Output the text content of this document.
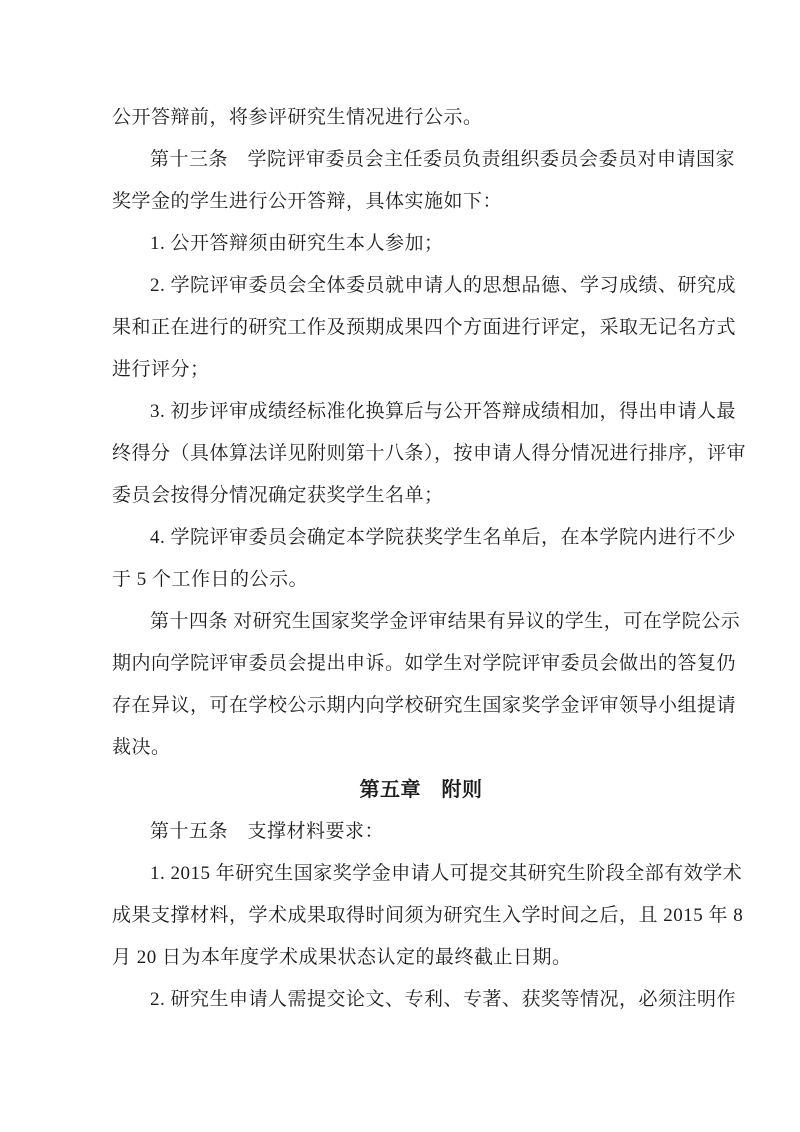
公开答辩前，将参评研究生情况进行公示。
第十三条　学院评审委员会主任委员负责组织委员会委员对申请国家
奖学金的学生进行公开答辩，具体实施如下：
1. 公开答辩须由研究生本人参加；
2. 学院评审委员会全体委员就申请人的思想品德、学习成绩、研究成
果和正在进行的研究工作及预期成果四个方面进行评定，采取无记名方式
进行评分；
3. 初步评审成绩经标准化换算后与公开答辩成绩相加，得出申请人最
终得分（具体算法详见附则第十八条），按申请人得分情况进行排序，评审
委员会按得分情况确定获奖学生名单；
4. 学院评审委员会确定本学院获奖学生名单后，在本学院内进行不少
于 5 个工作日的公示。
第十四条 对研究生国家奖学金评审结果有异议的学生，可在学院公示
期内向学院评审委员会提出申诉。如学生对学院评审委员会做出的答复仍
存在异议，可在学校公示期内向学校研究生国家奖学金评审领导小组提请
裁决。
第五章　附则
第十五条　支撑材料要求：
1. 2015 年研究生国家奖学金申请人可提交其研究生阶段全部有效学术
成果支撑材料，学术成果取得时间须为研究生入学时间之后，且 2015 年 8
月 20 日为本年度学术成果状态认定的最终截止日期。
2. 研究生申请人需提交论文、专利、专著、获奖等情况，必须注明作
